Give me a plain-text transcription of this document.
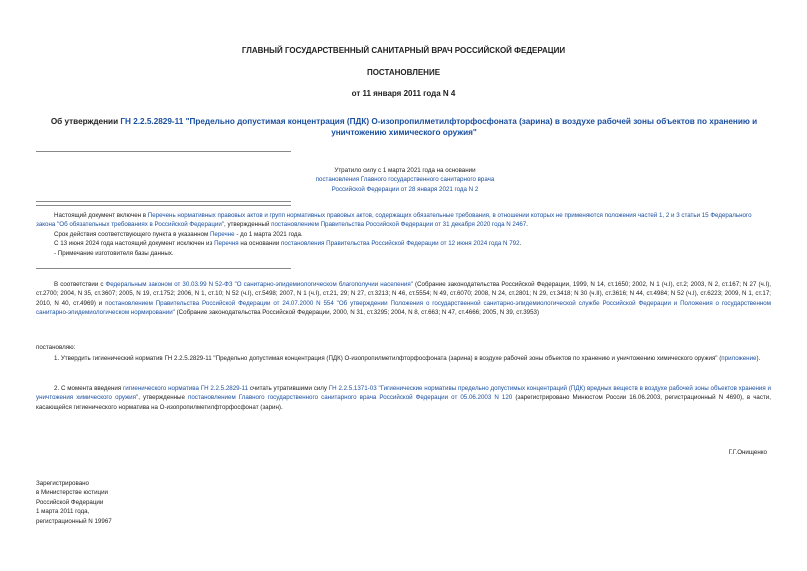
ГЛАВНЫЙ ГОСУДАРСТВЕННЫЙ САНИТАРНЫЙ ВРАЧ РОССИЙСКОЙ ФЕДЕРАЦИИ
ПОСТАНОВЛЕНИЕ
от 11 января 2011 года N 4
Об утверждении ГН 2.2.5.2829-11 "Предельно допустимая концентрация (ПДК) О-изопропилметилфторфосфоната (зарина) в воздухе рабочей зоны объектов по хранению и уничтожению химического оружия"

Утратило силу с 1 марта 2021 года на основании

постановления Главного государственного санитарного врача

Российской Федерации от 28 января 2021 года N 2

Настоящий документ включен в Перечень нормативных правовых актов и групп нормативных правовых актов, содержащих обязательные требования, в отношении которых не применяются положения частей 1, 2 и 3 статьи 15 Федерального закона "Об обязательных требованиях в Российской Федерации", утвержденный постановлением Правительства Российской Федерации от 31 декабря 2020 года N 2467.

Срок действия соответствующего пункта в указанном Перечне - до 1 марта 2021 года.

С 13 июня 2024 года настоящий документ исключен из Перечня на основании постановления Правительства Российской Федерации от 12 июня 2024 года N 792.

- Примечание изготовителя базы данных.

В соответствии с Федеральным законом от 30.03.99 N 52-ФЗ "О санитарно-эпидемиологическом благополучии населения" (Собрание законодательства Российской Федерации, 1999, N 14, ст.1650; 2002, N 1 (ч.I), ст.2; 2003, N 2, ст.167; N 27 (ч.I), ст.2700; 2004, N 35, ст.3607; 2005, N 19, ст.1752; 2006, N 1, ст.10; N 52 (ч.I), ст.5498; 2007, N 1 (ч.I), ст.21, 29; N 27, ст.3213; N 46, ст.5554; N 49, ст.6070; 2008, N 24, ст.2801; N 29, ст.3418; N 30 (ч.II), ст.3616; N 44, ст.4984; N 52 (ч.I), ст.6223; 2009, N 1, ст.17; 2010, N 40, ст.4969) и постановлением Правительства Российской Федерации от 24.07.2000 N 554 "Об утверждении Положения о государственной санитарно-эпидемиологической службе Российской Федерации и Положения о государственном санитарно-эпидемиологическом нормировании" (Собрание законодательства Российской Федерации, 2000, N 31, ст.3295; 2004, N 8, ст.663; N 47, ст.4666; 2005, N 39, ст.3953)

постановляю:

1. Утвердить гигиенический норматив ГН 2.2.5.2829-11 "Предельно допустимая концентрация (ПДК) О-изопропилметилфторфосфоната (зарина) в воздухе рабочей зоны объектов по хранению и уничтожению химического оружия" (приложение).

2. С момента введения гигиенического норматива ГН 2.2.5.2829-11 считать утратившими силу ГН 2.2.5.1371-03 "Гигиенические нормативы предельно допустимых концентраций (ПДК) вредных веществ в воздухе рабочей зоны объектов хранения и уничтожения химического оружия", утвержденные постановлением Главного государственного санитарного врача Российской Федерации от 05.06.2003 N 120 (зарегистрировано Минюстом России 16.06.2003, регистрационный N 4690), в части, касающейся гигиенического норматива на О-изопропилметилфторфосфонат (зарин).

Г.Г.Онищенко

Зарегистрировано

в Министерстве юстиции

Российской Федерации

1 марта 2011 года,

регистрационный N 19967
